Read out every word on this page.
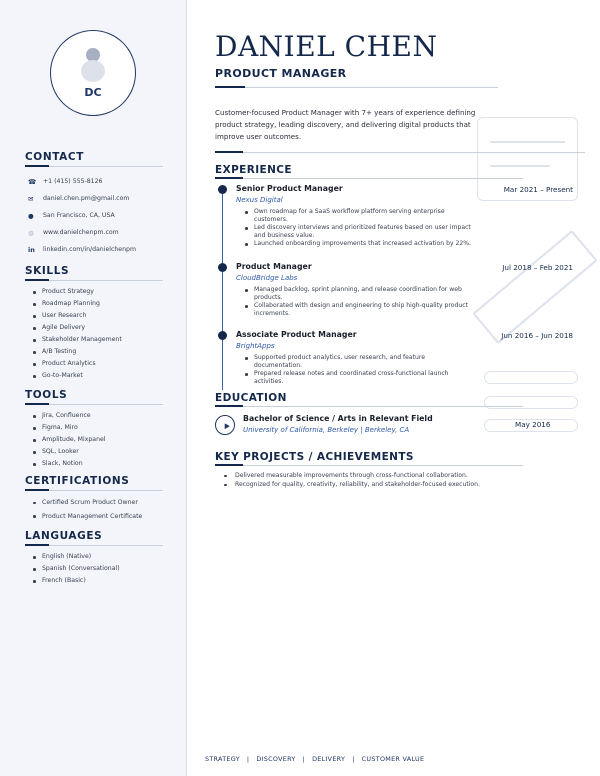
DC
CONTACT
☎	+1 (415) 555-8126
✉	daniel.chen.pm@gmail.com
●	San Francisco, CA, USA
◍	www.danielchenpm.com
in	linkedin.com/in/danielchenpm
SKILLS
Product Strategy
Roadmap Planning
User Research
Agile Delivery
Stakeholder Management
A/B Testing
Product Analytics
Go-to-Market
TOOLS
Jira, Confluence
Figma, Miro
Amplitude, Mixpanel
SQL, Looker
Slack, Notion
CERTIFICATIONS
Certified Scrum Product Owner
Product Management Certificate
LANGUAGES
English (Native)
Spanish (Conversational)
French (Basic)
DANIEL CHEN
PRODUCT MANAGER
Customer-focused Product Manager with 7+ years of experience defining product strategy, leading discovery, and delivering digital products that improve user outcomes.
EXPERIENCE
Senior Product Manager
Nexus Digital
Mar 2021 – Present
Own roadmap for a SaaS workflow platform serving enterprise customers.
Led discovery interviews and prioritized features based on user impact and business value.
Launched onboarding improvements that increased activation by 22%.
Product Manager
CloudBridge Labs
Jul 2018 – Feb 2021
Managed backlog, sprint planning, and release coordination for web products.
Collaborated with design and engineering to ship high-quality product increments.
Associate Product Manager
BrightApps
Jun 2016 – Jun 2018
Supported product analytics, user research, and feature documentation.
Prepared release notes and coordinated cross-functional launch activities.
EDUCATION
Bachelor of Science / Arts in Relevant Field
University of California, Berkeley | Berkeley, CA
May 2016
KEY PROJECTS / ACHIEVEMENTS
Delivered measurable improvements through cross-functional collaboration.
Recognized for quality, creativity, reliability, and stakeholder-focused execution.
STRATEGY   |   DISCOVERY   |   DELIVERY   |   CUSTOMER VALUE
